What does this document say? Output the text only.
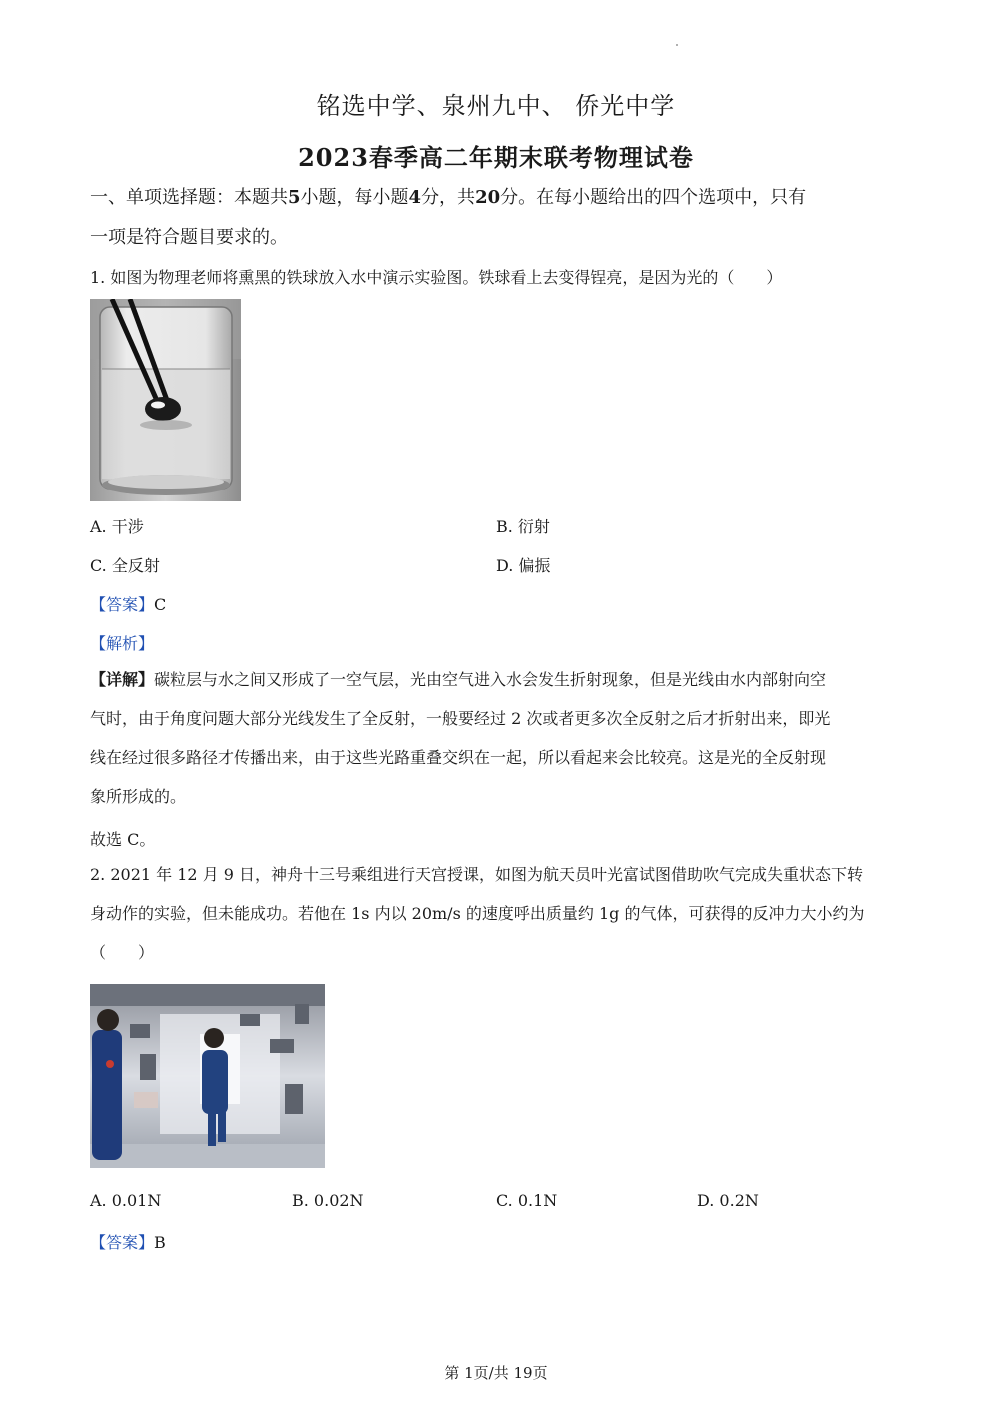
铭选中学、泉州九中、 侨光中学
2023春季高二年期末联考物理试卷
一、单项选择题：本题共5小题，每小题4分，共20分。在每小题给出的四个选项中，只有
一项是符合题目要求的。
1. 如图为物理老师将熏黑的铁球放入水中演示实验图。铁球看上去变得锃亮，是因为光的（　　）
A. 干涉	B. 衍射
C. 全反射	D. 偏振
【答案】C
【解析】
【详解】碳粒层与水之间又形成了一空气层，光由空气进入水会发生折射现象，但是光线由水内部射向空
气时，由于角度问题大部分光线发生了全反射，一般要经过 2 次或者更多次全反射之后才折射出来，即光
线在经过很多路径才传播出来，由于这些光路重叠交织在一起，所以看起来会比较亮。这是光的全反射现
象所形成的。
故选 C。
2. 2021 年 12 月 9 日，神舟十三号乘组进行天宫授课，如图为航天员叶光富试图借助吹气完成失重状态下转
身动作的实验，但未能成功。若他在 1s 内以 20m/s 的速度呼出质量约 1g 的气体，可获得的反冲力大小约为
（　　）
A. 0.01N	B. 0.02N	C. 0.1N	D. 0.2N
【答案】B
第 1页/共 19页
